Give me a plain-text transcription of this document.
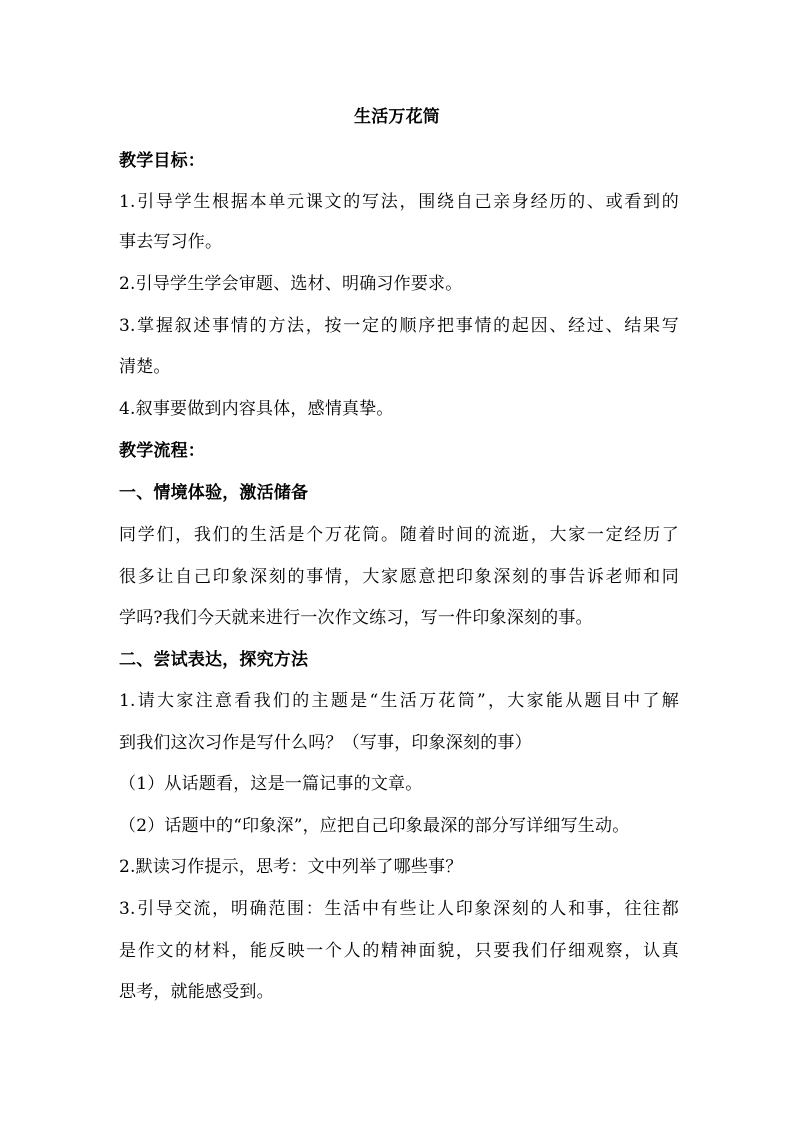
生活万花筒
教学目标：
1.引导学生根据本单元课文的写法，围绕自己亲身经历的、或看到的
事去写习作。
2.引导学生学会审题、选材、明确习作要求。
3.掌握叙述事情的方法，按一定的顺序把事情的起因、经过、结果写
清楚。
4.叙事要做到内容具体，感情真挚。
教学流程：
一、情境体验，激活储备
同学们，我们的生活是个万花筒。随着时间的流逝，大家一定经历了
很多让自己印象深刻的事情，大家愿意把印象深刻的事告诉老师和同
学吗?我们今天就来进行一次作文练习，写一件印象深刻的事。
二、尝试表达，探究方法
1.请大家注意看我们的主题是“生活万花筒”，大家能从题目中了解
到我们这次习作是写什么吗？（写事，印象深刻的事）
（1）从话题看，这是一篇记事的文章。
（2）话题中的“印象深”，应把自己印象最深的部分写详细写生动。
2.默读习作提示，思考：文中列举了哪些事？
3.引导交流，明确范围：生活中有些让人印象深刻的人和事，往往都
是作文的材料，能反映一个人的精神面貌，只要我们仔细观察，认真
思考，就能感受到。
